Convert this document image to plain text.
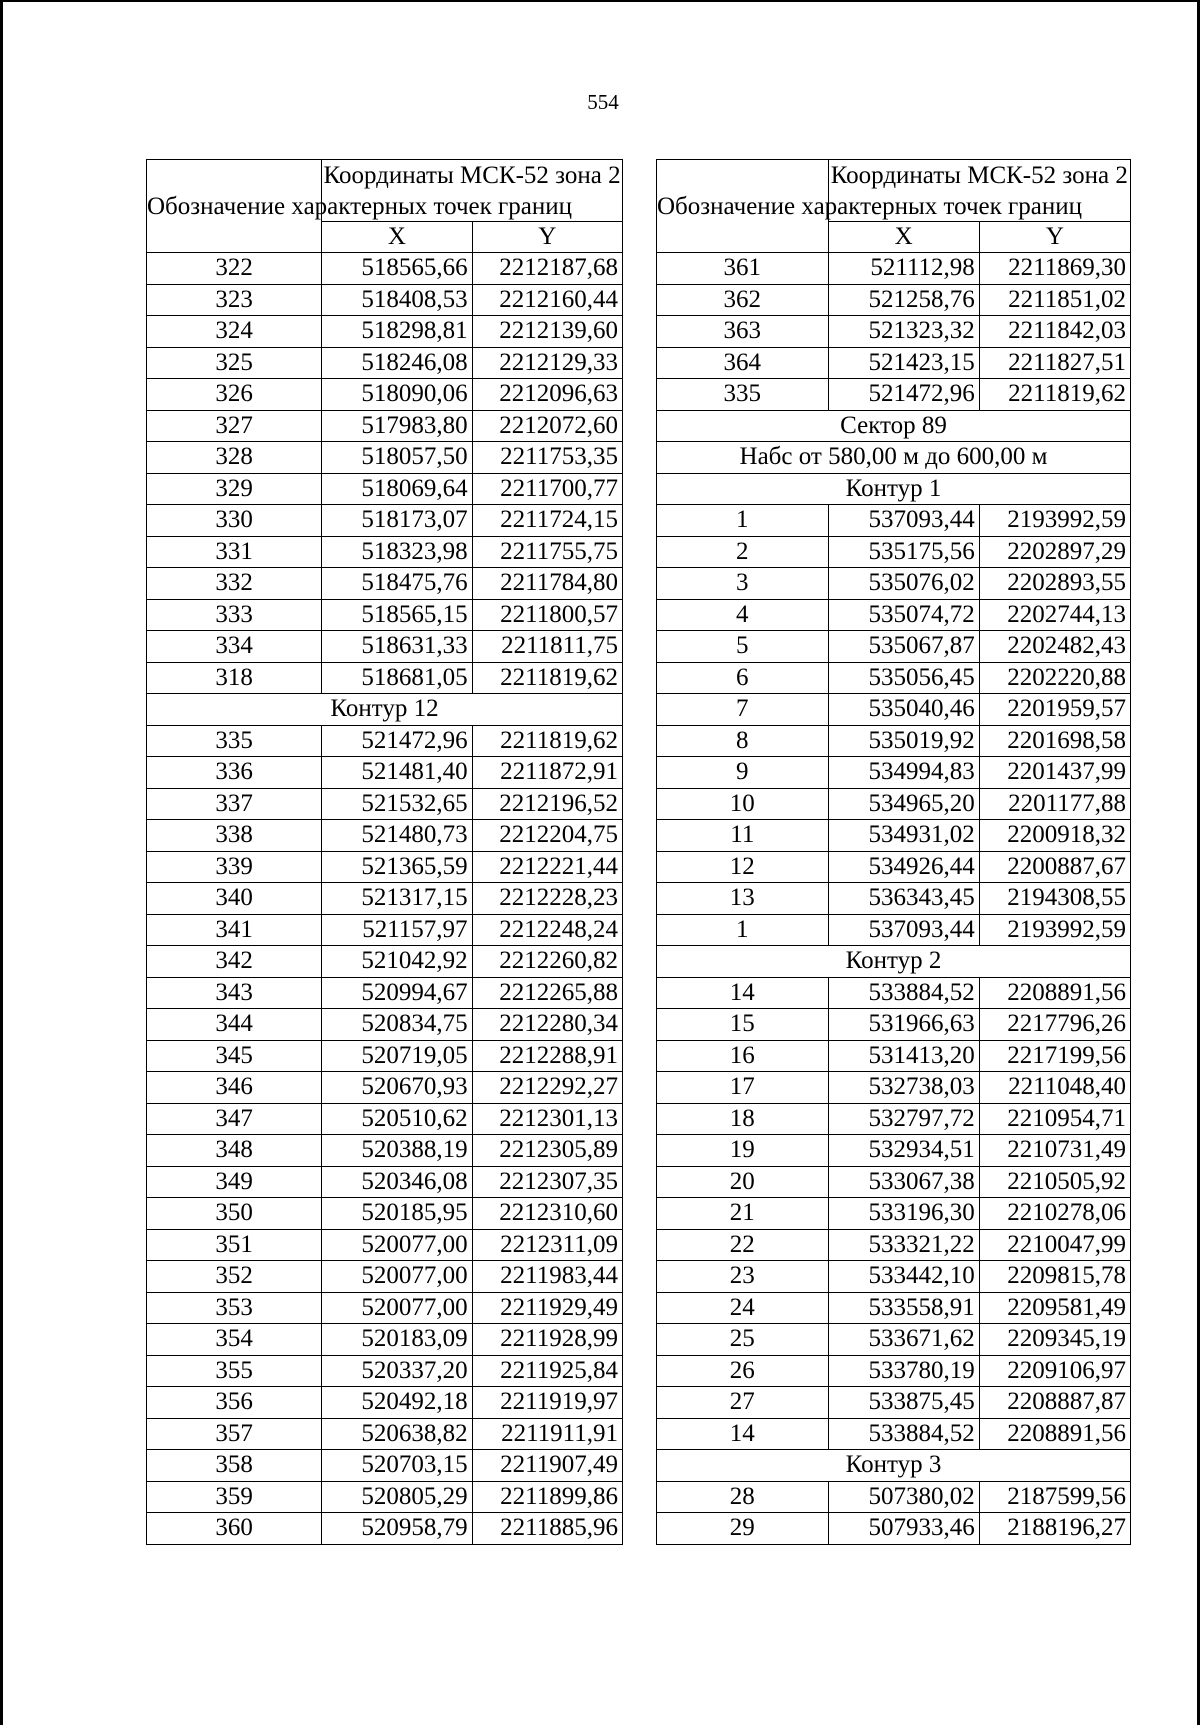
554
Обозначение характерных точек границ	Координаты МСК-52 зона 2	
	X	Y
322	518565,66	2212187,68
323	518408,53	2212160,44
324	518298,81	2212139,60
325	518246,08	2212129,33
326	518090,06	2212096,63
327	517983,80	2212072,60
328	518057,50	2211753,35
329	518069,64	2211700,77
330	518173,07	2211724,15
331	518323,98	2211755,75
332	518475,76	2211784,80
333	518565,15	2211800,57
334	518631,33	2211811,75
318	518681,05	2211819,62
Контур 12		
335	521472,96	2211819,62
336	521481,40	2211872,91
337	521532,65	2212196,52
338	521480,73	2212204,75
339	521365,59	2212221,44
340	521317,15	2212228,23
341	521157,97	2212248,24
342	521042,92	2212260,82
343	520994,67	2212265,88
344	520834,75	2212280,34
345	520719,05	2212288,91
346	520670,93	2212292,27
347	520510,62	2212301,13
348	520388,19	2212305,89
349	520346,08	2212307,35
350	520185,95	2212310,60
351	520077,00	2212311,09
352	520077,00	2211983,44
353	520077,00	2211929,49
354	520183,09	2211928,99
355	520337,20	2211925,84
356	520492,18	2211919,97
357	520638,82	2211911,91
358	520703,15	2211907,49
359	520805,29	2211899,86
360	520958,79	2211885,96
Обозначение характерных точек границ	Координаты МСК-52 зона 2	
	X	Y
361	521112,98	2211869,30
362	521258,76	2211851,02
363	521323,32	2211842,03
364	521423,15	2211827,51
335	521472,96	2211819,62
Сектор 89		
Набс от 580,00 м до 600,00 м		
Контур 1		
1	537093,44	2193992,59
2	535175,56	2202897,29
3	535076,02	2202893,55
4	535074,72	2202744,13
5	535067,87	2202482,43
6	535056,45	2202220,88
7	535040,46	2201959,57
8	535019,92	2201698,58
9	534994,83	2201437,99
10	534965,20	2201177,88
11	534931,02	2200918,32
12	534926,44	2200887,67
13	536343,45	2194308,55
1	537093,44	2193992,59
Контур 2		
14	533884,52	2208891,56
15	531966,63	2217796,26
16	531413,20	2217199,56
17	532738,03	2211048,40
18	532797,72	2210954,71
19	532934,51	2210731,49
20	533067,38	2210505,92
21	533196,30	2210278,06
22	533321,22	2210047,99
23	533442,10	2209815,78
24	533558,91	2209581,49
25	533671,62	2209345,19
26	533780,19	2209106,97
27	533875,45	2208887,87
14	533884,52	2208891,56
Контур 3		
28	507380,02	2187599,56
29	507933,46	2188196,27
